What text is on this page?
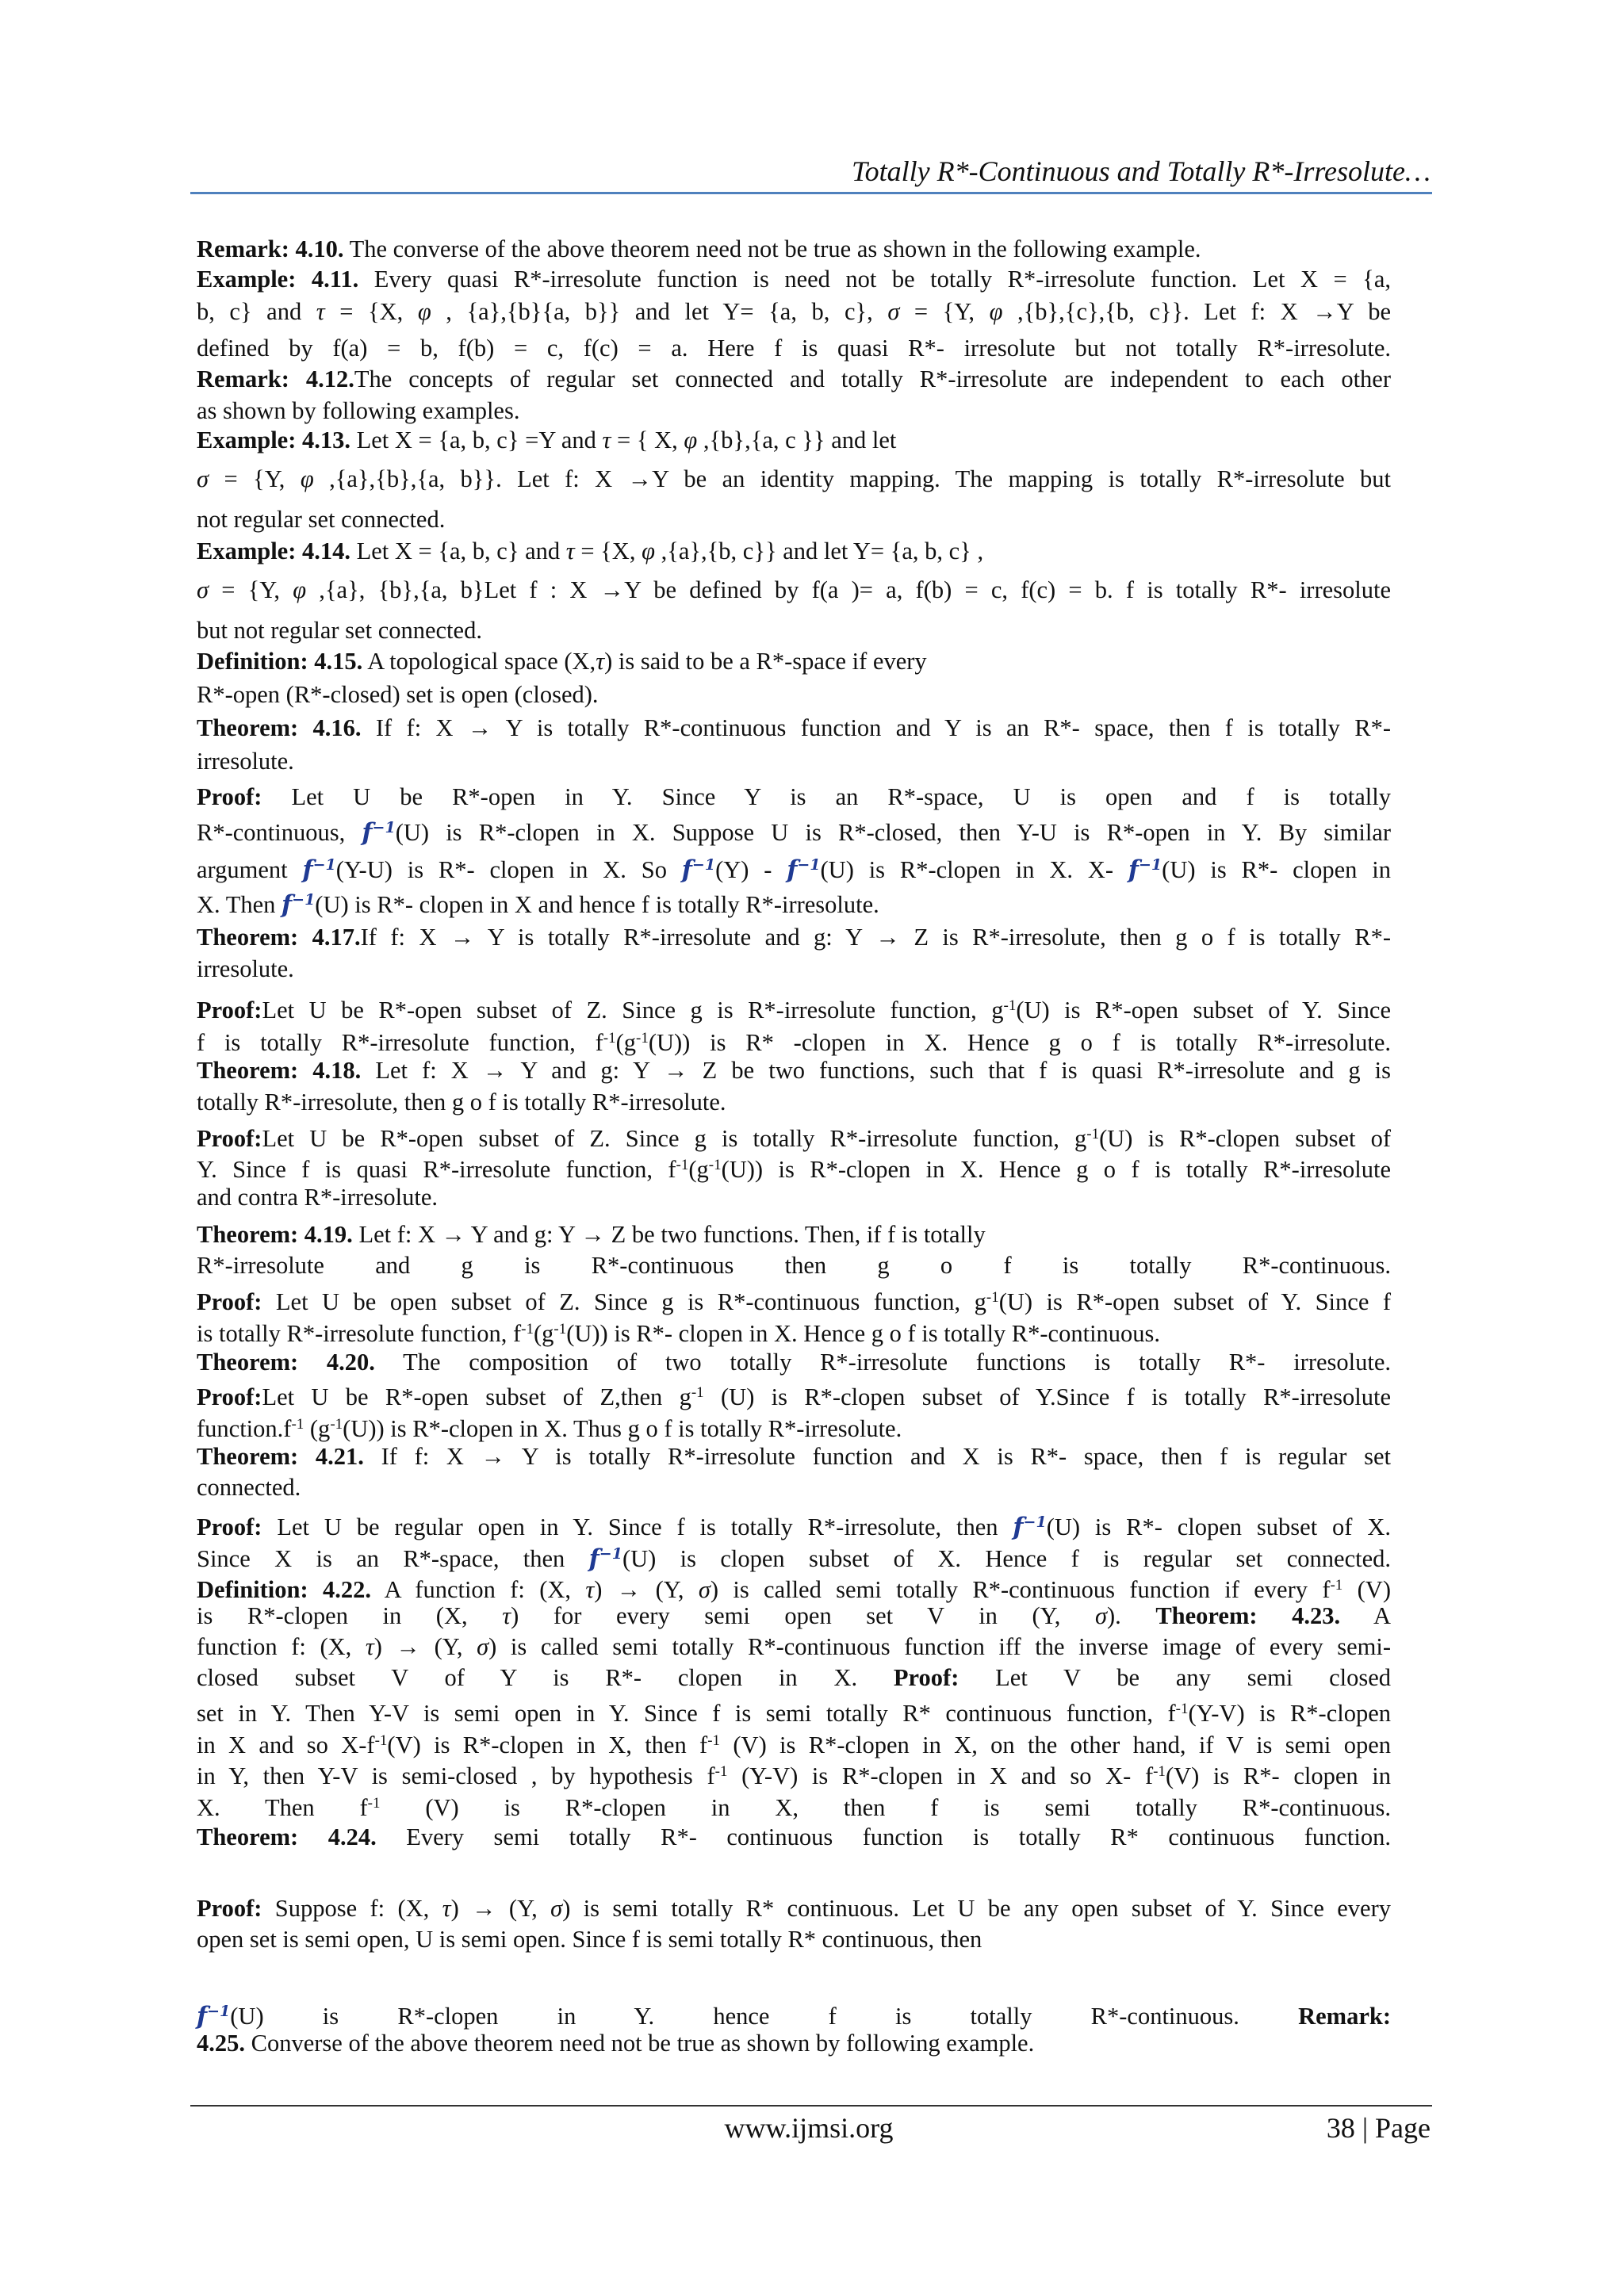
Totally R*-Continuous and Totally R*-Irresolute…
Remark: 4.10. The converse of the above theorem need not be true as shown in the following example.
Example: 4.11. Every quasi R*-irresolute function is need not be totally R*-irresolute function. Let X = {a,
b, c} and τ = {X, φ , {a},{b}{a, b}} and let Y= {a, b, c}, σ = {Y, φ ,{b},{c},{b, c}}. Let f: X →Y be
defined by f(a) = b, f(b) = c, f(c) = a. Here f is quasi R*- irresolute but not totally R*-irresolute.
Remark: 4.12.The concepts of regular set connected and totally R*-irresolute are independent to each other
as shown by following examples.
Example: 4.13. Let X = {a, b, c} =Y and τ = { X, φ ,{b},{a, c }} and let
σ = {Y, φ ,{a},{b},{a, b}}. Let f: X →Y be an identity mapping. The mapping is totally R*-irresolute but
not regular set connected.
Example: 4.14. Let X = {a, b, c} and τ = {X, φ ,{a},{b, c}} and let Y= {a, b, c} ,
σ = {Y, φ ,{a}, {b},{a, b}Let f : X →Y be defined by f(a )= a, f(b) = c, f(c) = b. f is totally R*- irresolute
but not regular set connected.
Definition: 4.15. A topological space (X,τ) is said to be a R*-space if every
R*-open (R*-closed) set is open (closed).
Theorem: 4.16. If f: X → Y is totally R*-continuous function and Y is an R*- space, then f is totally R*-
irresolute.
Proof: Let U be R*-open in Y. Since Y is an R*-space, U is open and f is totally
R*-continuous, $f^{-1}(U)$ is R*-clopen in X. Suppose U is R*-closed, then Y-U is R*-open in Y. By similar
argument $f^{-1}(Y-U)$ is R*- clopen in X. So $f^{-1}(Y) - f^{-1}(U)$ is R*-clopen in X. X- $f^{-1}(U)$ is R*- clopen in
X. Then $f^{-1}(U)$ is R*- clopen in X and hence f is totally R*-irresolute.
Theorem: 4.17.If f: X → Y is totally R*-irresolute and g: Y → Z is R*-irresolute, then g o f is totally R*-
irresolute.
Proof:Let U be R*-open subset of Z. Since g is R*-irresolute function, $g^{-1}(U)$ is R*-open subset of Y. Since
f is totally R*-irresolute function, $f^{-1}(g^{-1}(U))$ is R* -clopen in X. Hence g o f is totally R*-irresolute.
Theorem: 4.18. Let f: X → Y and g: Y → Z be two functions, such that f is quasi R*-irresolute and g is
totally R*-irresolute, then g o f is totally R*-irresolute.
Proof:Let U be R*-open subset of Z. Since g is totally R*-irresolute function, $g^{-1}(U)$ is R*-clopen subset of
Y. Since f is quasi R*-irresolute function, $f^{-1}(g^{-1}(U))$ is R*-clopen in X. Hence g o f is totally R*-irresolute
and contra R*-irresolute.
Theorem: 4.19. Let f: X → Y and g: Y → Z be two functions. Then, if f is totally
R*-irresolute and g is R*-continuous then g o f is totally R*-continuous.
Proof: Let U be open subset of Z. Since g is R*-continuous function, $g^{-1}(U)$ is R*-open subset of Y. Since f
is totally R*-irresolute function, $f^{-1}(g^{-1}(U))$ is R*- clopen in X. Hence g o f is totally R*-continuous.
Theorem: 4.20. The composition of two totally R*-irresolute functions is totally R*- irresolute.
Proof:Let U be R*-open subset of Z,then $g^{-1}$ (U) is R*-clopen subset of Y.Since f is totally R*-irresolute
$function.f^{-1}$ $(g^{-1}(U))$ is R*-clopen in X. Thus g o f is totally R*-irresolute.
Theorem: 4.21. If f: X → Y is totally R*-irresolute function and X is R*- space, then f is regular set
connected.
Proof: Let U be regular open in Y. Since f is totally R*-irresolute, then $f^{-1}(U)$ is R*- clopen subset of X.
Since X is an R*-space, then $f^{-1}(U)$ is clopen subset of X. Hence f is regular set connected.
Definition: 4.22. A function f: (X, τ) → (Y, σ) is called semi totally R*-continuous function if every $f^{-1}$ (V)
is R*-clopen in (X, τ) for every semi open set V in (Y, σ). Theorem: 4.23. A
function f: (X, τ) → (Y, σ) is called semi totally R*-continuous function iff the inverse image of every semi-
closed subset V of Y is R*- clopen in X. Proof: Let V be any semi closed
set in Y. Then Y-V is semi open in Y. Since f is semi totally R* continuous function, $f^{-1}(Y-V)$ is R*-clopen
in X and so $X-f^{-1}(V)$ is R*-clopen in X, then $f^{-1}$ (V) is R*-clopen in X, on the other hand, if V is semi open
in Y, then Y-V is semi-closed , by hypothesis $f^{-1}$ (Y-V) is R*-clopen in X and so X- $f^{-1}(V)$ is R*- clopen in
X. Then $f^{-1}$ (V) is R*-clopen in X, then f is semi totally R*-continuous.
Theorem: 4.24. Every semi totally R*- continuous function is totally R* continuous function.
Proof: Suppose f: (X, τ) → (Y, σ) is semi totally R* continuous. Let U be any open subset of Y. Since every
open set is semi open, U is semi open. Since f is semi totally R* continuous, then
$f^{-1}(U)$ is R*-clopen in Y. hence f is totally R*-continuous. Remark:
4.25. Converse of the above theorem need not be true as shown by following example.
www.ijmsi.org	38 | Page
